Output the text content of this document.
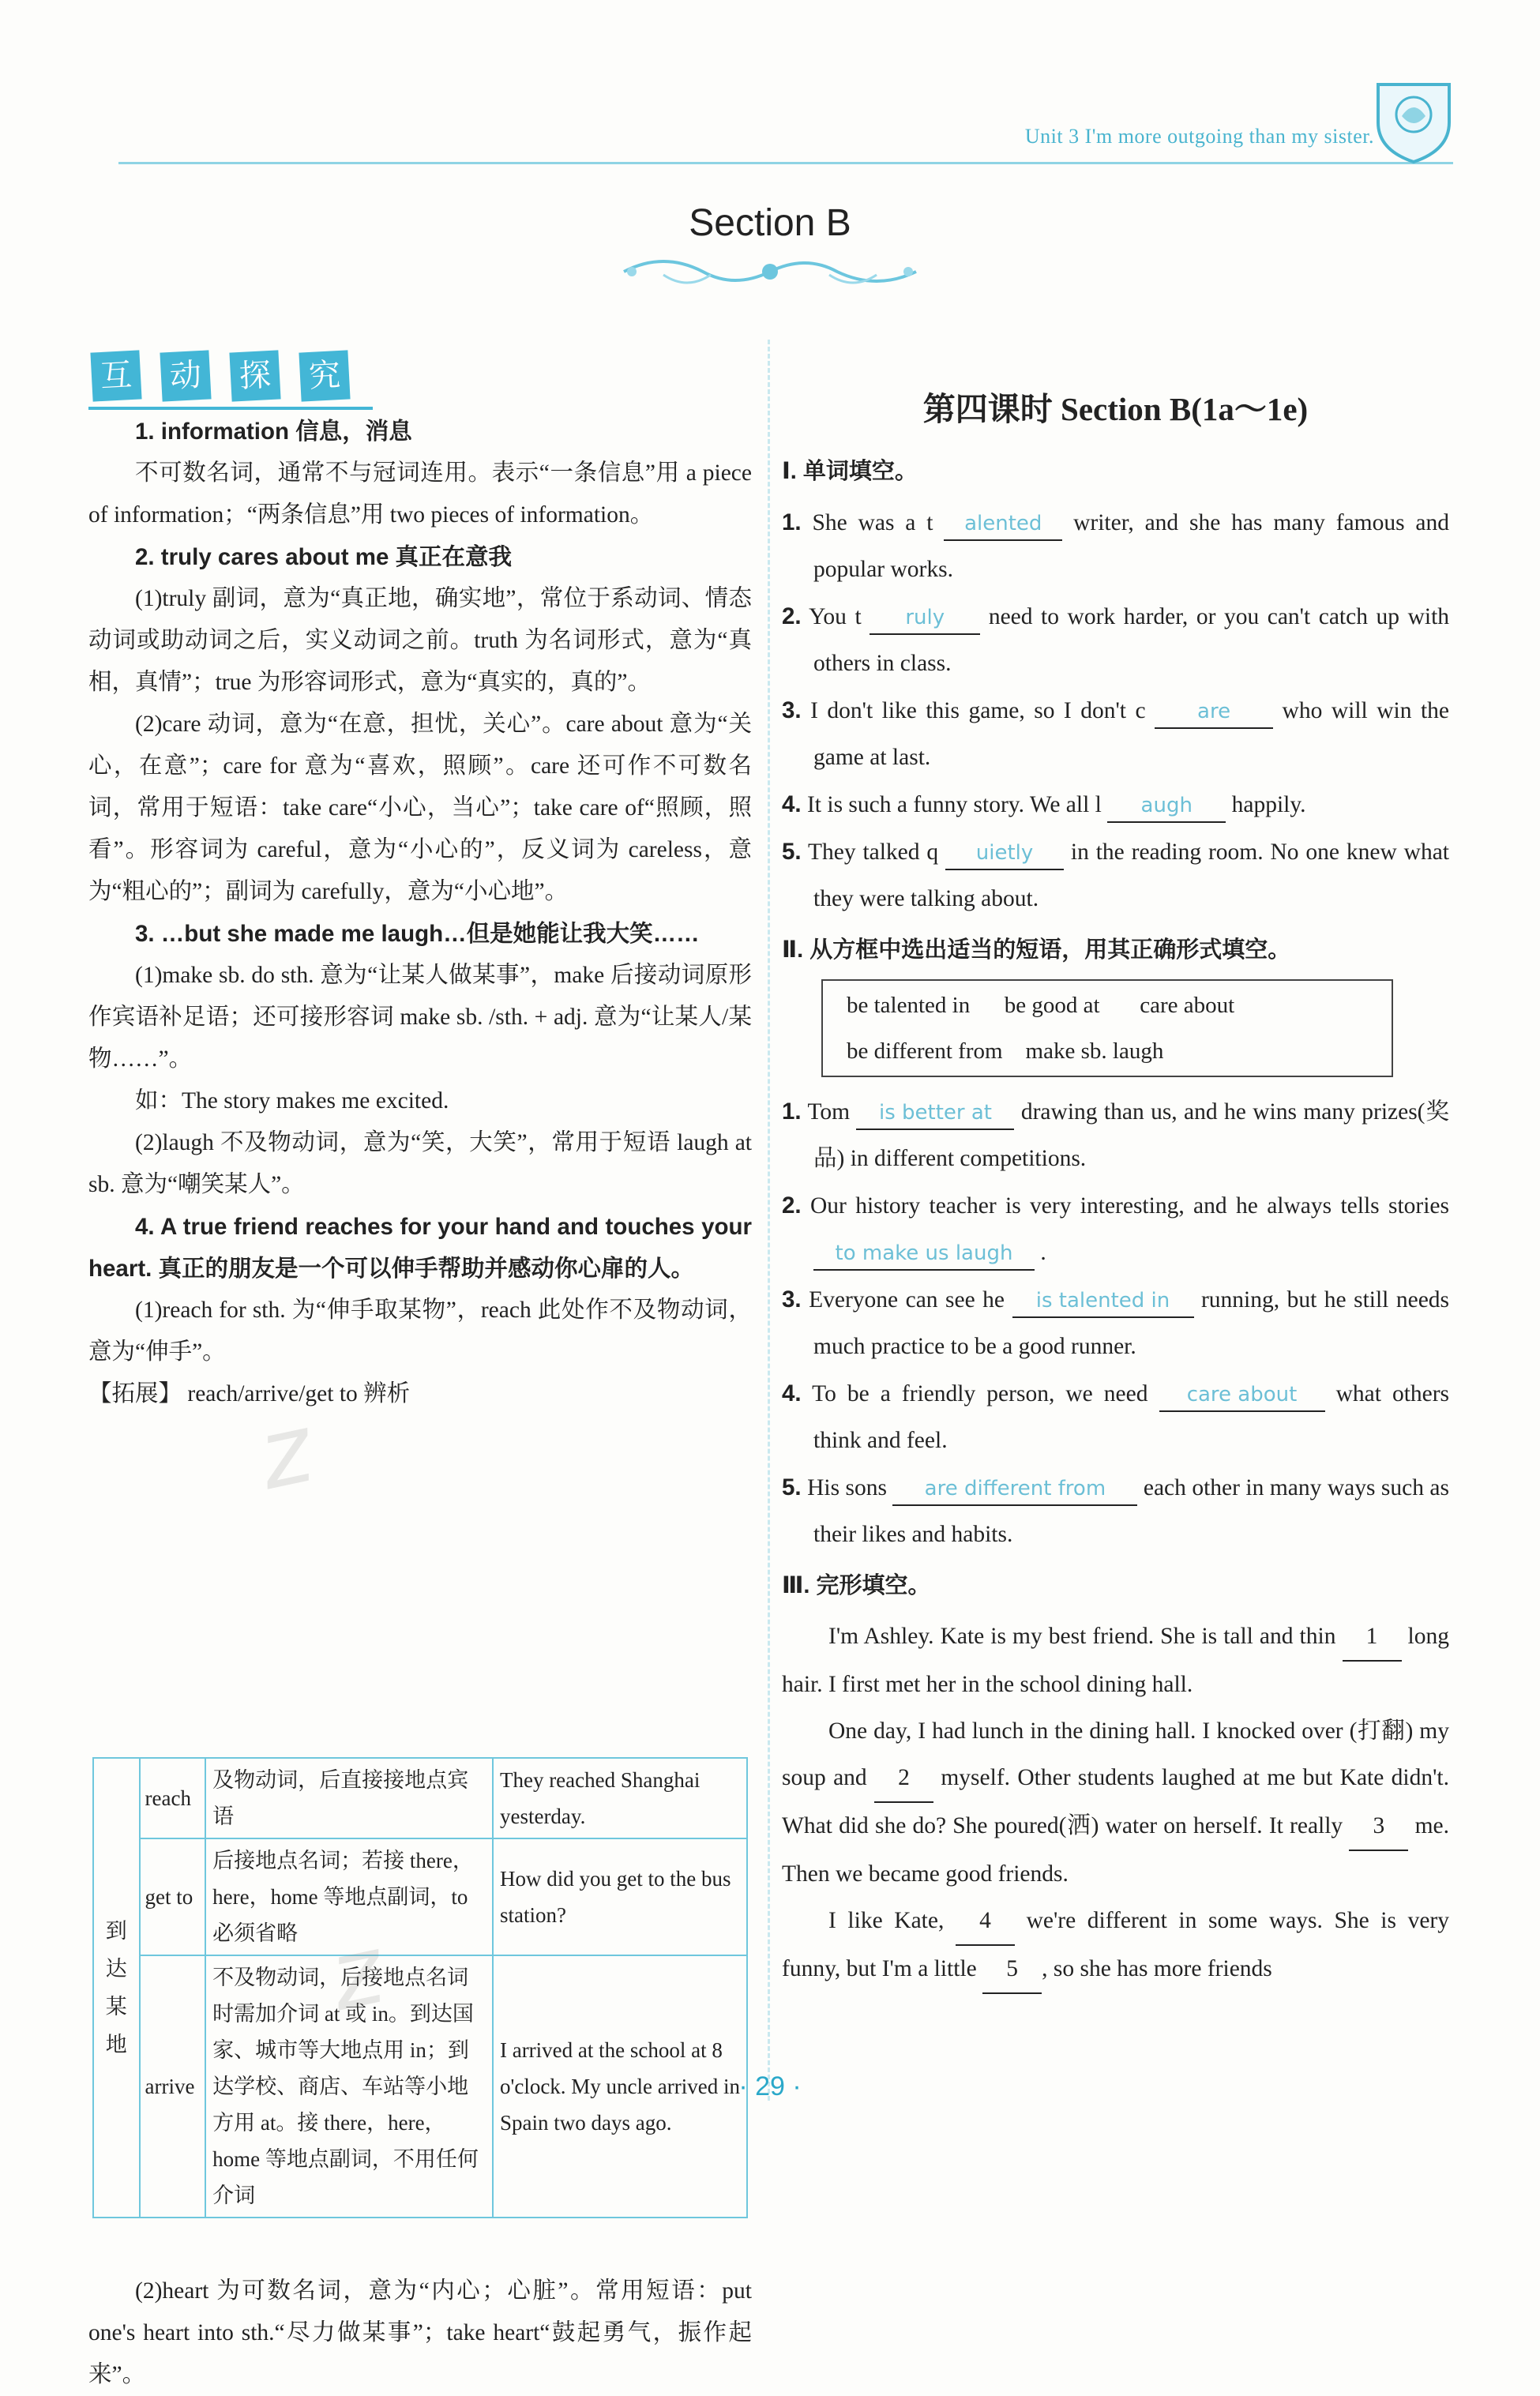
Unit 3 I'm more outgoing than my sister.
Section B
互 动 探 究

1. information 信息，消息

不可数名词，通常不与冠词连用。表示“一条信息”用 a piece of information；“两条信息”用 two pieces of information。

2. truly cares about me 真正在意我

(1)truly 副词，意为“真正地，确实地”，常位于系动词、情态动词或助动词之后，实义动词之前。truth 为名词形式，意为“真相，真情”；true 为形容词形式，意为“真实的，真的”。

(2)care 动词，意为“在意，担忧，关心”。care about 意为“关心，在意”；care for 意为“喜欢，照顾”。care 还可作不可数名词，常用于短语：take care“小心，当心”；take care of“照顾，照看”。形容词为 careful，意为“小心的”，反义词为 careless，意为“粗心的”；副词为 carefully，意为“小心地”。

3. …but she made me laugh…但是她能让我大笑……

(1)make sb. do sth. 意为“让某人做某事”，make 后接动词原形作宾语补足语；还可接形容词 make sb. /sth. + adj. 意为“让某人/某物……”。

如：The story makes me excited.

(2)laugh 不及物动词，意为“笑，大笑”，常用于短语 laugh at sb. 意为“嘲笑某人”。

4. A true friend reaches for your hand and touches your heart. 真正的朋友是一个可以伸手帮助并感动你心扉的人。

(1)reach for sth. 为“伸手取某物”，reach 此处作不及物动词，意为“伸手”。

【拓展】 reach/arrive/get to 辨析

到达某地	reach	及物动词，后直接接地点宾语	They reached Shanghai yesterday.
	get to	后接地点名词；若接 there，here，home 等地点副词，to 必须省略	How did you get to the bus station?
	arrive	不及物动词，后接地点名词时需加介词 at 或 in。到达国家、城市等大地点用 in；到达学校、商店、车站等小地方用 at。接 there，here，home 等地点副词，不用任何介词	I arrived at the school at 8 o'clock. My uncle arrived in Spain two days ago.

(2)heart 为可数名词，意为“内心；心脏”。常用短语：put one's heart into sth.“尽力做某事”；take heart“鼓起勇气，振作起来”。

第四课时 Section B(1a～1e)
Ⅰ. 单词填空。

1. She was a t alented writer, and she has many famous and popular works.

2. You t ruly need to work harder, or you can't catch up with others in class.

3. I don't like this game, so I don't c	are who will win the game at last.

4. It is such a funny story. We all l augh happily.

5. They talked q uietly in the reading room. No one knew what they were talking about.

Ⅱ. 从方框中选出适当的短语，用其正确形式填空。
be talented in      be good at       care about
be different from    make sb. laugh

1. Tom is better at drawing than us, and he wins many prizes(奖品) in different competitions.

2. Our history teacher is very interesting, and he always tells stories to make us laugh .

3. Everyone can see he is talented in running, but he still needs much practice to be a good runner.

4. To be a friendly person, we need care about what others think and feel.

5. His sons are different from each other in many ways such as their likes and habits.

Ⅲ. 完形填空。

I'm Ashley. Kate is my best friend. She is tall and thin 1 long hair. I first met her in the school dining hall.

One day, I had lunch in the dining hall. I knocked over (打翻) my soup and 2 myself. Other students laughed at me but Kate didn't. What did she do? She poured(洒) water on herself. It really 3 me. Then we became good friends.

I like Kate, 4 we're different in some ways. She is very funny, but I'm a little 5 , so she has more friends

· 29 ·
z
z
